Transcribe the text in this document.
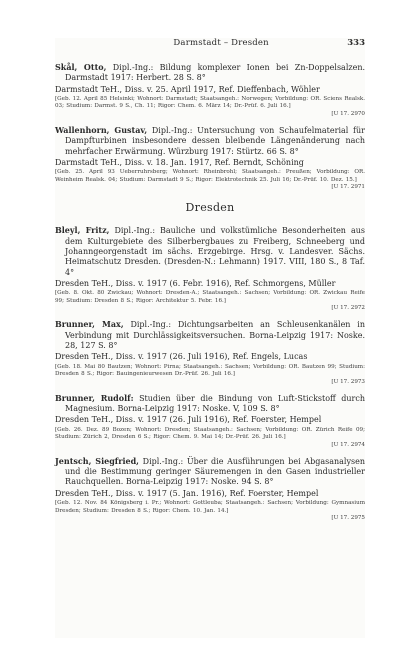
Darmstadt – Dresden	333
Skål, Otto, Dipl.-Ing.: Bildung komplexer Ionen bei Zn-Doppelsalzen. Darmstadt 1917: Herbert. 28 S. 8°
Darmstadt TeH., Diss. v. 25. April 1917, Ref. Dieffenbach, Wöhler
[Geb. 12. April 85 Helsinki; Wohnort: Darmstadt; Staatsangeh.: Norwegen; Vorbildung: OR. Sciens Realsk. 03; Studium: Darmst. 9 S., Ch. 11; Rigor: Chem. 6. März 14; Dr.-Prüf. 6. Juli 16.]
[U 17. 2970
Wallenhorn, Gustav, Dipl.-Ing.: Untersuchung von Schaufelmaterial für Dampfturbinen insbesondere dessen bleibende Längenänderung nach mehrfacher Erwärmung. Würzburg 1917: Stürtz. 66 S. 8°
Darmstadt TeH., Diss. v. 18. Jan. 1917, Ref. Berndt, Schöning
[Geb. 25. April 93 Ueberruhrsberg; Wohnort: Rheinbrohl; Staatsangeh.: Preußen; Vorbildung: OR. Weinheim Realsk. 04; Studium: Darmstadt 9 S.; Rigor: Elektrotechnik 25. Juli 16; Dr.-Prüf. 10. Dez. 15.]
[U 17. 2971
Dresden
Bleyl, Fritz, Dipl.-Ing.: Bauliche und volkstümliche Besonderheiten aus dem Kulturgebiete des Silberbergbaues zu Freiberg, Schneeberg und Johanngeorgenstadt im sächs. Erzgebirge. Hrsg. v. Landesver. Sächs. Heimatschutz Dresden. (Dresden-N.: Lehmann) 1917. VIII, 180 S., 8 Taf. 4°
Dresden TeH., Diss. v. 1917 (6. Febr. 1916), Ref. Schmorgens, Müller
[Geb. 8. Okt. 80 Zwickau; Wohnort: Dresden-A.; Staatsangeh.: Sachsen; Vorbildung: OR. Zwickau Reife 99; Studium: Dresden 8 S.; Rigor: Architektur 5. Febr. 16.]
[U 17. 2972
Brunner, Max, Dipl.-Ing.: Dichtungsarbeiten an Schleusenkanälen in Verbindung mit Durchlässigkeitsversuchen. Borna-Leipzig 1917: Noske. 28, 127 S. 8°
Dresden TeH., Diss. v. 1917 (26. Juli 1916), Ref. Engels, Lucas
[Geb. 18. Mai 80 Bautzen; Wohnort: Pirna; Staatsangeh.: Sachsen; Vorbildung: OR. Bautzen 99; Studium: Dresden 8 S.; Rigor: Bauingenieurwesen Dr.-Prüf. 26. Juli 16.]
[U 17. 2973
Brunner, Rudolf: Studien über die Bindung von Luft-Stickstoff durch Magnesium. Borna-Leipzig 1917: Noske. V, 109 S. 8°
Dresden TeH., Diss. v. 1917 (26. Juli 1916), Ref. Foerster, Hempel
[Geb. 26. Dez. 89 Bozen; Wohnort: Dresden; Staatsangeh.: Sachsen; Vorbildung: OR. Zürich Reife 09; Studium: Zürich 2, Dresden 6 S.; Rigor: Chem. 9. Mai 14; Dr.-Prüf. 26. Juli 16.]
[U 17. 2974
Jentsch, Siegfried, Dipl.-Ing.: Über die Ausführungen bei Abgasanalysen und die Bestimmung geringer Säuremengen in den Gasen industrieller Rauchquellen. Borna-Leipzig 1917: Noske. 94 S. 8°
Dresden TeH., Diss. v. 1917 (5. Jan. 1916), Ref. Foerster, Hempel
[Geb. 12. Nov. 84 Königsberg i. Pr.; Wohnort: Gottleuba; Staatsangeh.: Sachsen; Vorbildung: Gymnasium Dresden; Studium: Dresden 8 S.; Rigor: Chem. 10. Jan. 14.]
[U 17. 2975
